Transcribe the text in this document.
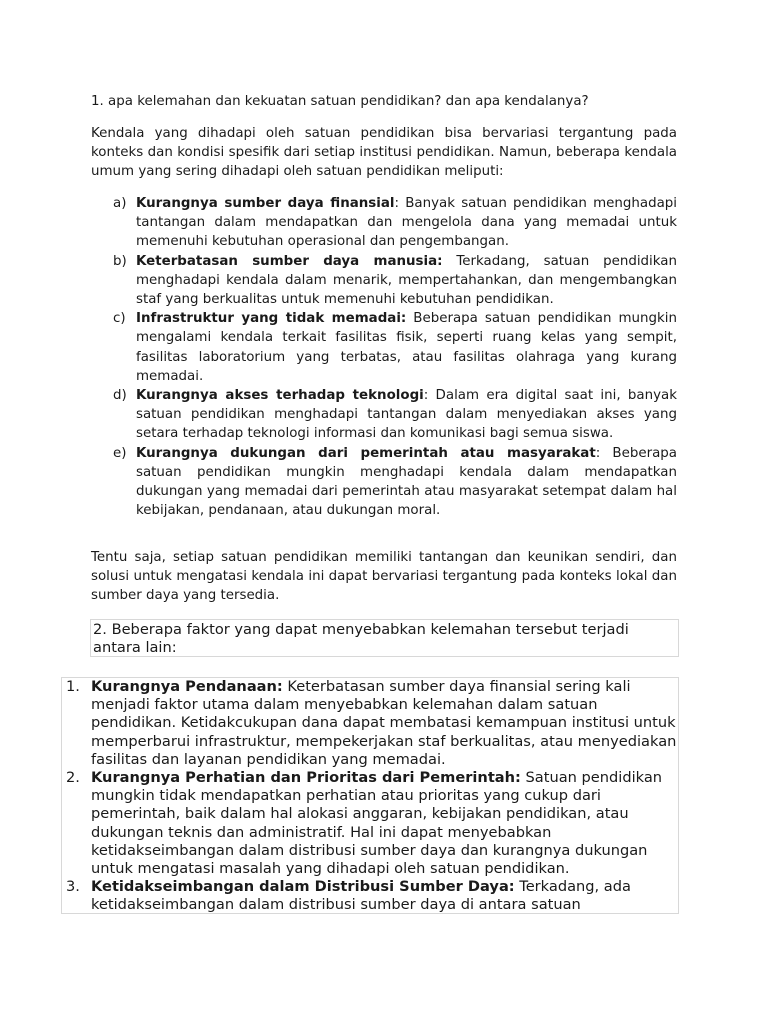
1. apa kelemahan dan kekuatan satuan pendidikan? dan apa kendalanya?

Kendala yang dihadapi oleh satuan pendidikan bisa bervariasi tergantung pada konteks dan kondisi spesifik dari setiap institusi pendidikan. Namun, beberapa kendala umum yang sering dihadapi oleh satuan pendidikan meliputi:

a) Kurangnya sumber daya finansial: Banyak satuan pendidikan menghadapi tantangan dalam mendapatkan dan mengelola dana yang memadai untuk memenuhi kebutuhan operasional dan pengembangan.
b) Keterbatasan sumber daya manusia: Terkadang, satuan pendidikan menghadapi kendala dalam menarik, mempertahankan, dan mengembangkan staf yang berkualitas untuk memenuhi kebutuhan pendidikan.
c) Infrastruktur yang tidak memadai: Beberapa satuan pendidikan mungkin mengalami kendala terkait fasilitas fisik, seperti ruang kelas yang sempit, fasilitas laboratorium yang terbatas, atau fasilitas olahraga yang kurang memadai.
d) Kurangnya akses terhadap teknologi: Dalam era digital saat ini, banyak satuan pendidikan menghadapi tantangan dalam menyediakan akses yang setara terhadap teknologi informasi dan komunikasi bagi semua siswa.
e) Kurangnya dukungan dari pemerintah atau masyarakat: Beberapa satuan pendidikan mungkin menghadapi kendala dalam mendapatkan dukungan yang memadai dari pemerintah atau masyarakat setempat dalam hal kebijakan, pendanaan, atau dukungan moral.

Tentu saja, setiap satuan pendidikan memiliki tantangan dan keunikan sendiri, dan solusi untuk mengatasi kendala ini dapat bervariasi tergantung pada konteks lokal dan sumber daya yang tersedia.

2. Beberapa faktor yang dapat menyebabkan kelemahan tersebut terjadi antara lain:
1. Kurangnya Pendanaan: Keterbatasan sumber daya finansial sering kali menjadi faktor utama dalam menyebabkan kelemahan dalam satuan pendidikan. Ketidakcukupan dana dapat membatasi kemampuan institusi untuk memperbarui infrastruktur, mempekerjakan staf berkualitas, atau menyediakan fasilitas dan layanan pendidikan yang memadai.
2. Kurangnya Perhatian dan Prioritas dari Pemerintah: Satuan pendidikan mungkin tidak mendapatkan perhatian atau prioritas yang cukup dari pemerintah, baik dalam hal alokasi anggaran, kebijakan pendidikan, atau dukungan teknis dan administratif. Hal ini dapat menyebabkan ketidakseimbangan dalam distribusi sumber daya dan kurangnya dukungan untuk mengatasi masalah yang dihadapi oleh satuan pendidikan.
3. Ketidakseimbangan dalam Distribusi Sumber Daya: Terkadang, ada ketidakseimbangan dalam distribusi sumber daya di antara satuan
